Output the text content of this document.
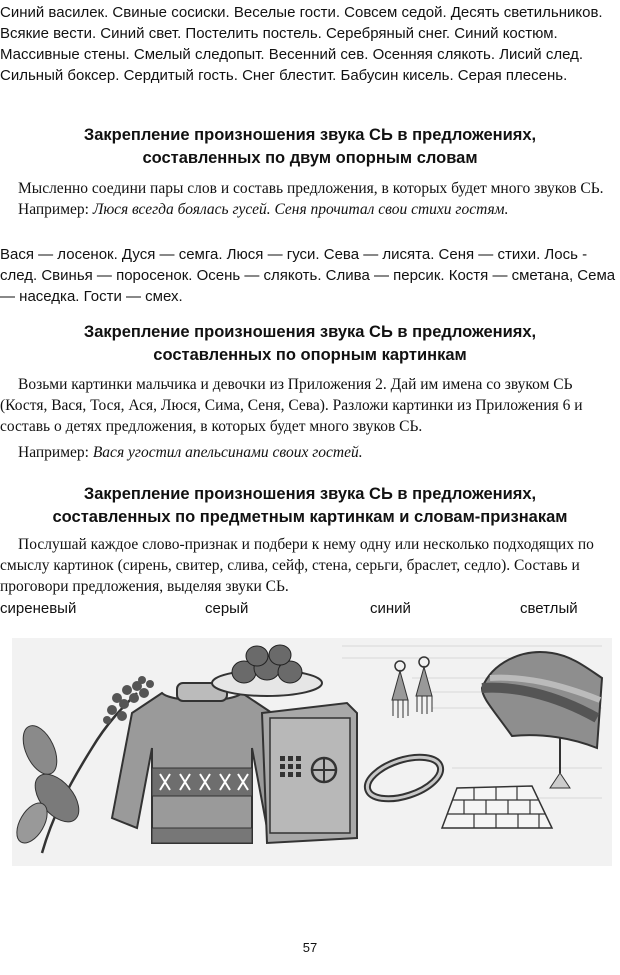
Синий василек. Свиные сосиски. Веселые гости. Совсем седой. Десять светильников. Всякие вести. Синий свет. Постелить постель. Серебряный снег. Синий костюм. Массивные стены. Смелый следопыт. Весенний сев. Осенняя слякоть. Лисий след. Сильный боксер. Сердитый гость. Снег блестит. Бабусин кисель. Серая плесень.

Закрепление произношения звука СЬ в предложениях,

составленных по двум опорным словам

Мысленно соедини пары слов и составь предложения, в которых будет много звуков СЬ.

Например: Люся всегда боялась гусей. Сеня прочитал свои стихи гостям.

Вася — лосенок. Дуся — семга. Люся — гуси. Сева — лисята. Сеня — стихи. Лось - след. Свинья — поросенок. Осень — слякоть. Слива — персик. Костя — сметана, Сема — наседка. Гости — смех.

Закрепление произношения звука СЬ в предложениях,

составленных по опорным картинкам

Возьми картинки мальчика и девочки из Приложения 2. Дай им имена со звуком СЬ (Костя, Вася, Тося, Ася, Люся, Сима, Сеня, Сева). Разложи картинки из Приложения 6 и составь о детях предложения, в которых будет много звуков СЬ.

Например: Вася угостил апельсинами своих гостей.

Закрепление произношения звука СЬ в предложениях,

составленных по предметным картинкам и словам-признакам

Послушай каждое слово-признак и подбери к нему одну или несколько подходящих по смыслу картинок (сирень, свитер, слива, сейф, стена, серьги, браслет, седло). Составь и проговори предложения, выделяя звуки СЬ.

сиреневый	серый	синий	светлый
57
